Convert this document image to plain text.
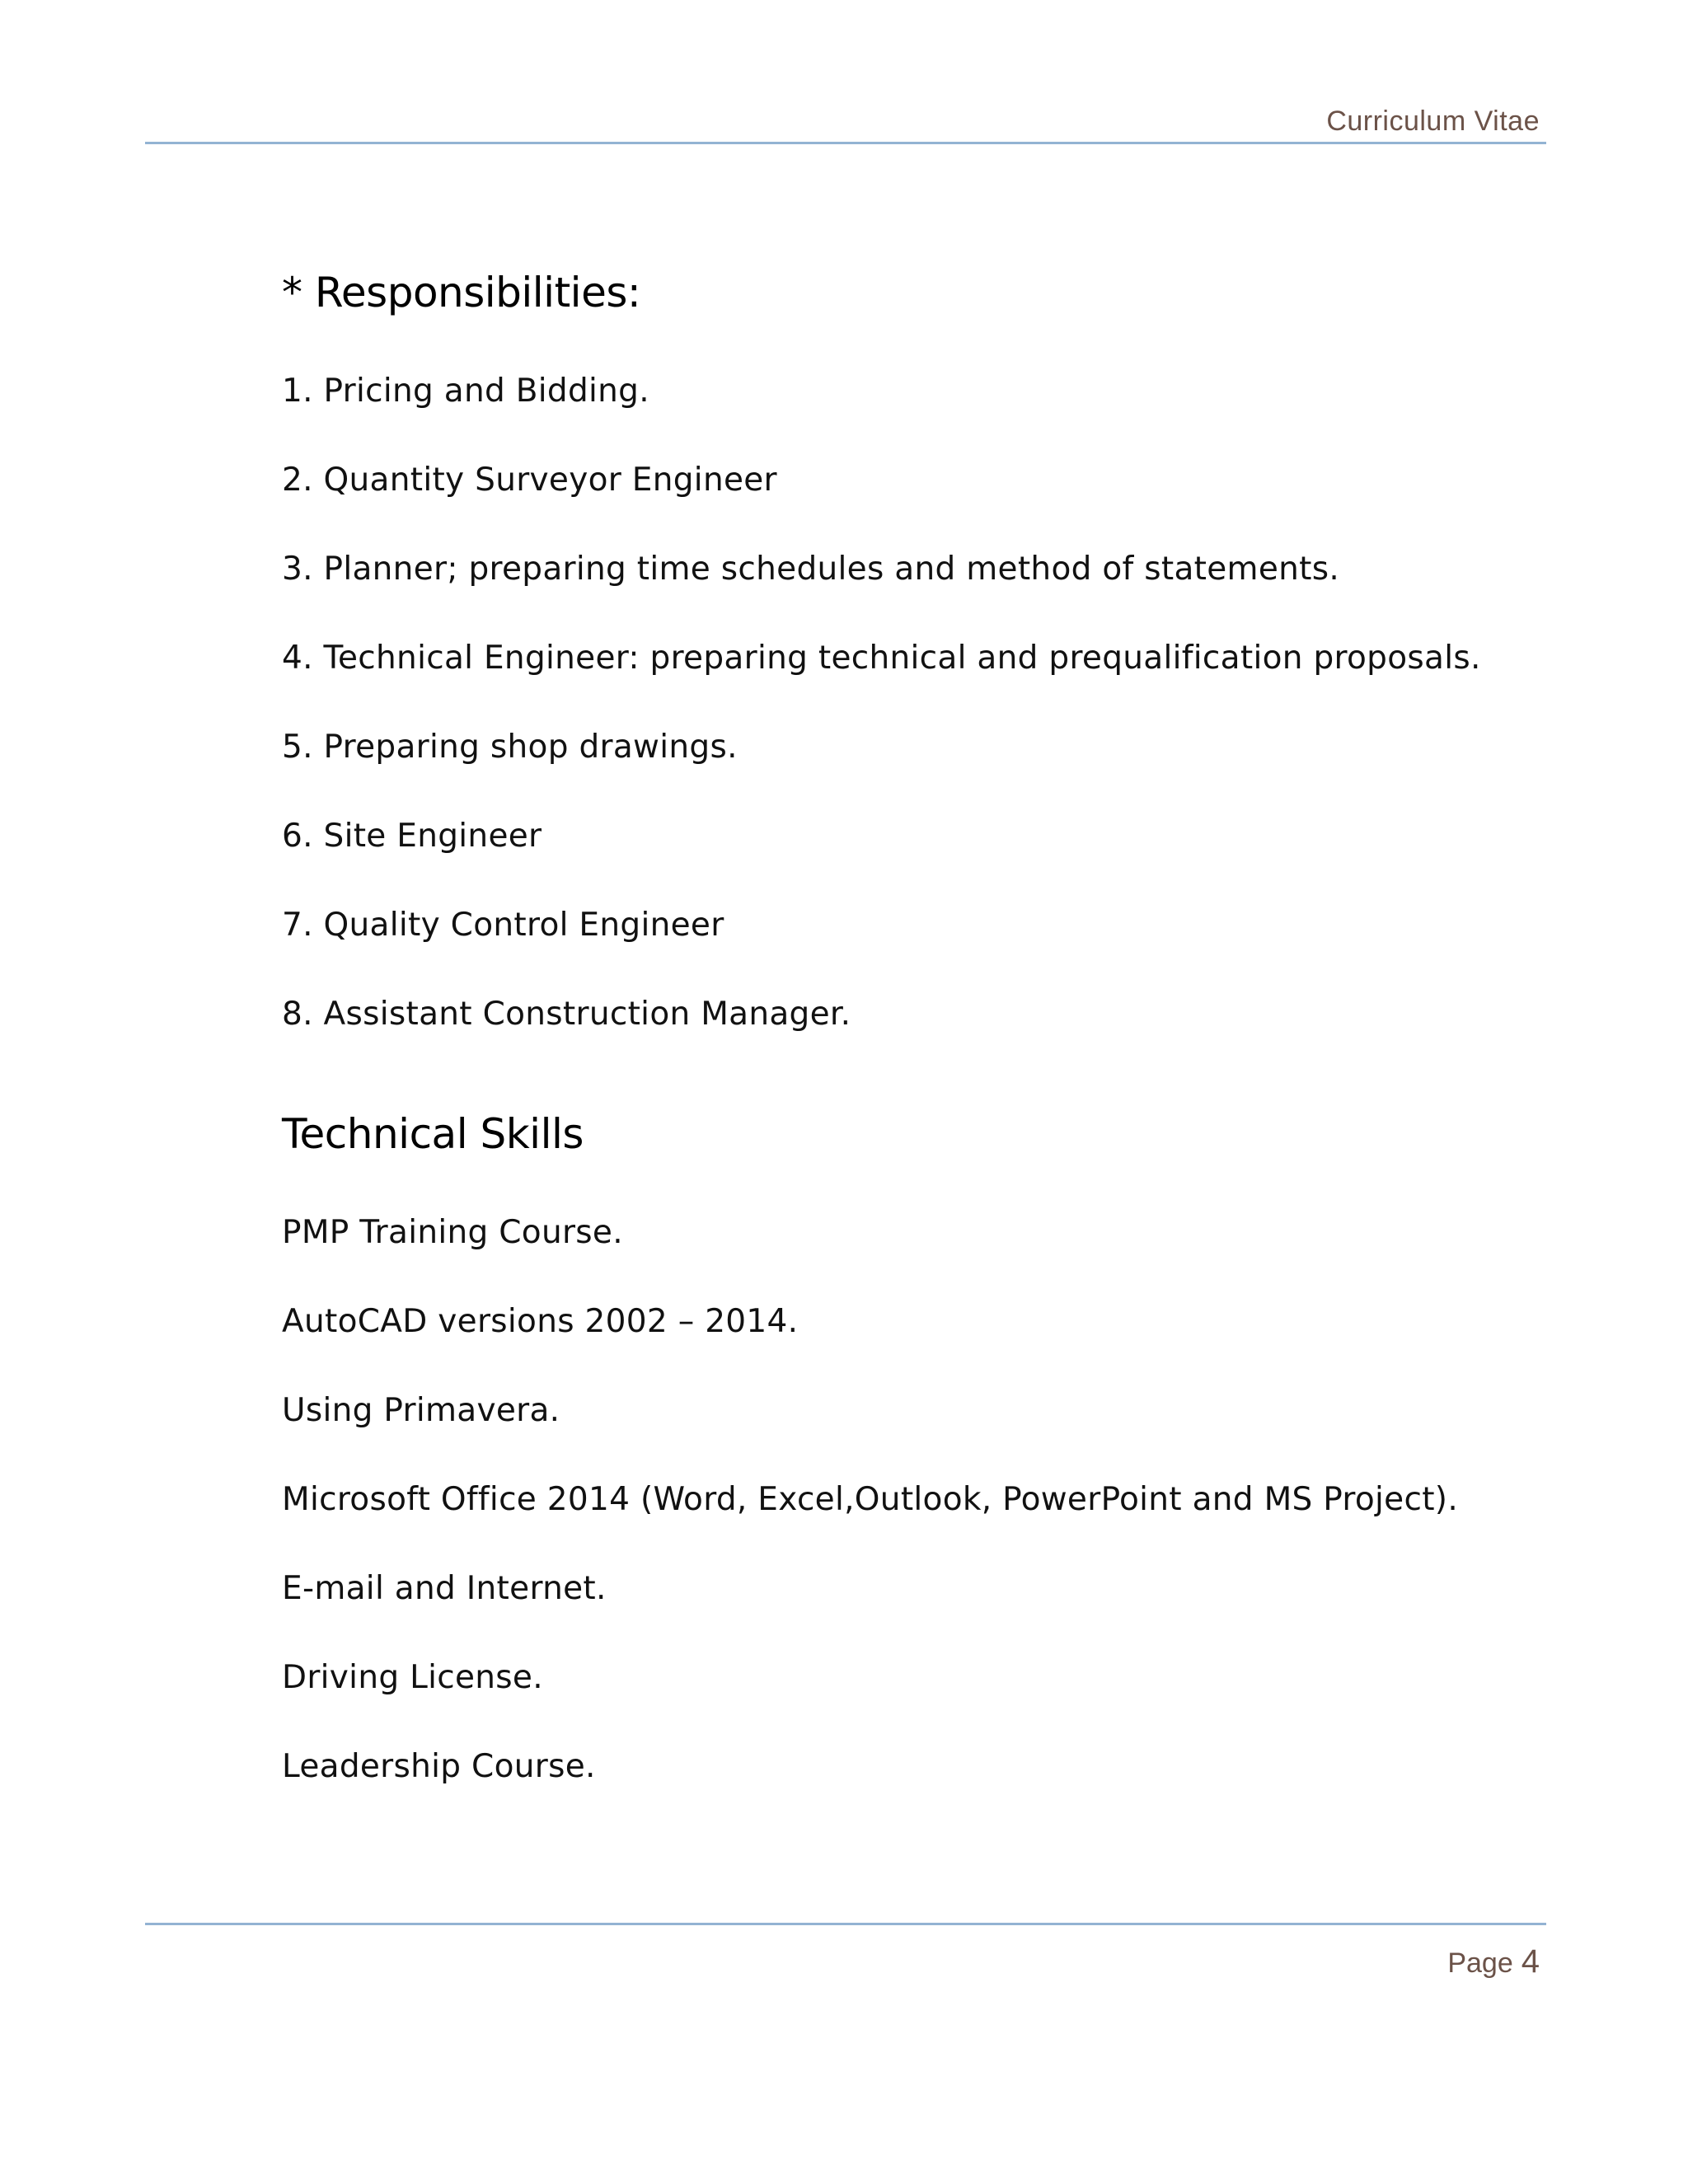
Curriculum Vitae
* Responsibilities:
1. Pricing and Bidding.
2. Quantity Surveyor Engineer
3. Planner; preparing time schedules and method of statements.
4. Technical Engineer: preparing technical and prequalification proposals.
5. Preparing shop drawings.
6. Site Engineer
7. Quality Control Engineer
8. Assistant Construction Manager.
Technical Skills
PMP Training Course.
AutoCAD versions 2002 – 2014.
Using Primavera.
Microsoft Office 2014 (Word, Excel,Outlook, PowerPoint and MS Project).
E-mail and Internet.
Driving License.
Leadership Course.
Page 4
